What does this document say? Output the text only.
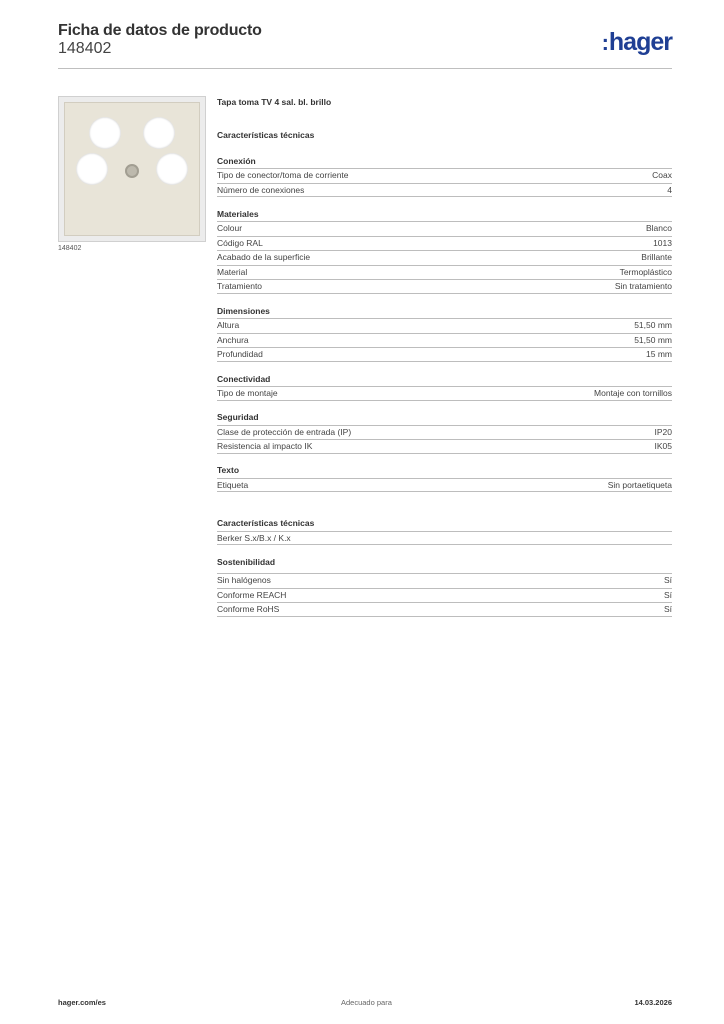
Ficha de datos de producto
148402	:hager
148402
Tapa toma TV 4 sal. bl. brillo
Características técnicas
Conexión
Tipo de conector/toma de corriente	Coax
Número de conexiones	4
Materiales
Colour	Blanco
Código RAL	1013
Acabado de la superficie	Brillante
Material	Termoplástico
Tratamiento	Sin tratamiento
Dimensiones
Altura	51,50 mm
Anchura	51,50 mm
Profundidad	15 mm
Conectividad
Tipo de montaje	Montaje con tornillos
Seguridad
Clase de protección de entrada (IP)	IP20
Resistencia al impacto IK	IK05
Texto
Etiqueta	Sin portaetiqueta
Características técnicas
Berker S.x/B.x / K.x
Sostenibilidad
Sin halógenos	Sí
Conforme REACH	Sí
Conforme RoHS	Sí
hager.com/es	Adecuado para	14.03.2026
